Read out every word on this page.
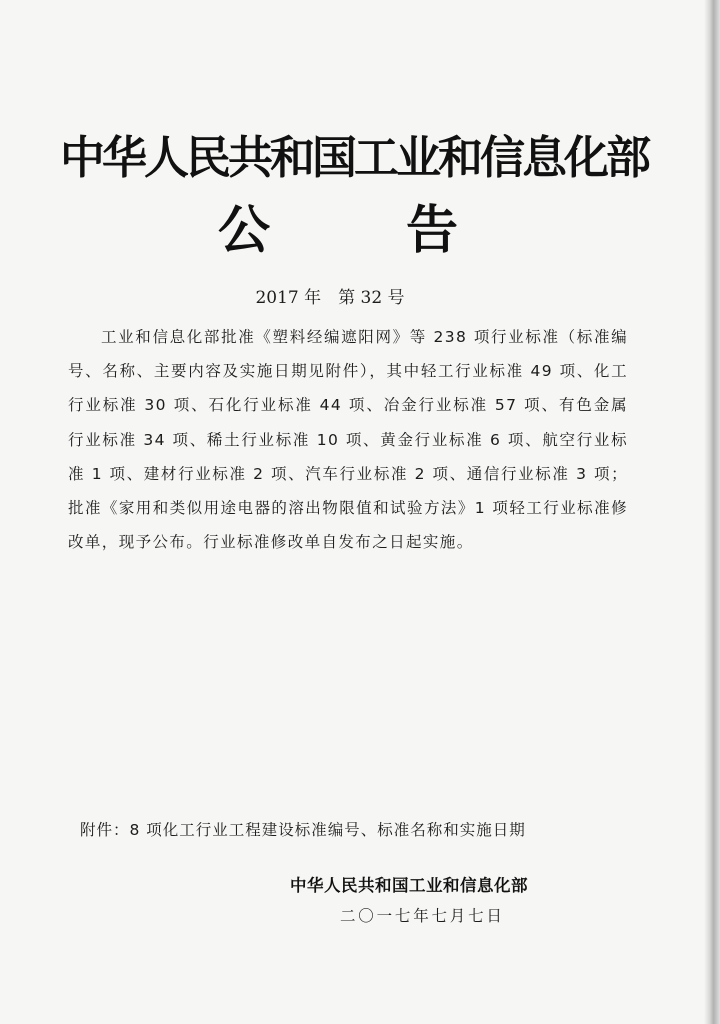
中华人民共和国工业和信息化部
公	告
2017 年　第 32 号

工业和信息化部批准《塑料经编遮阳网》等 238 项行业标准（标准编号、名称、主要内容及实施日期见附件），其中轻工行业标准 49 项、化工行业标准 30 项、石化行业标准 44 项、冶金行业标准 57 项、有色金属行业标准 34 项、稀土行业标准 10 项、黄金行业标准 6 项、航空行业标准 1 项、建材行业标准 2 项、汽车行业标准 2 项、通信行业标准 3 项；批准《家用和类似用途电器的溶出物限值和试验方法》1 项轻工行业标准修改单，现予公布。行业标准修改单自发布之日起实施。

附件：8 项化工行业工程建设标准编号、标准名称和实施日期
中华人民共和国工业和信息化部
二〇一七年七月七日
